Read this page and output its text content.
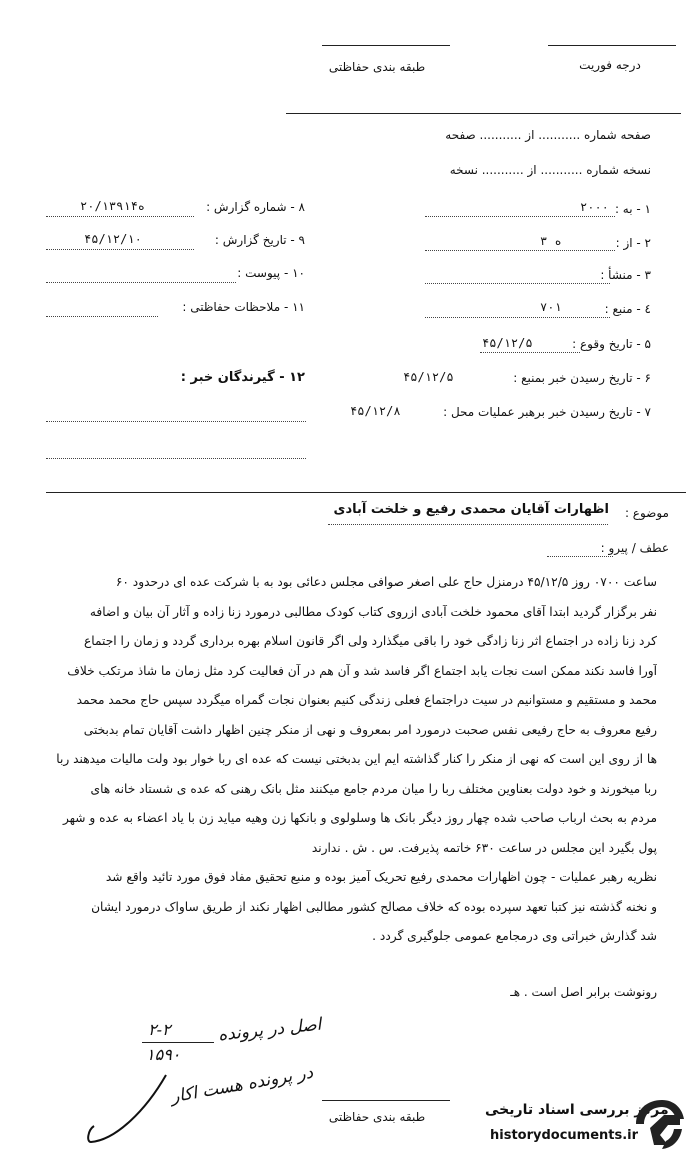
طبقه بندی حفاظتی	درجه فوریت
صفحه شماره ........... از ........... صفحه
نسخه شماره ........... از ........... نسخه
۱ - به :
۲۰۰۰
۲ - از :
۳ ه
۳ - منشأ :
٤ - منبع :
۷۰۱
۵ - تاریخ وقوع :
۴۵/۱۲/۵
۶ - تاریخ رسیدن خبر بمنبع :
۴۵/۱۲/۵
۷ - تاریخ رسیدن خبر برهبر عملیات محل :
۴۵/۱۲/۸
۸ - شماره گزارش :
۲۰/۱۳۹۱۴ه
۹ - تاریخ گزارش :
۴۵/۱۲/۱۰
۱۰ - پیوست :
۱۱ - ملاحظات حفاظتی :
۱۲ - گیرندگان خبر :
موضوع :
اظهارات آقایان محمدی رفیع و خلخت آبادی
عطف / پیرو :
ساعت ۰۷۰۰ روز ۴۵/۱۲/۵ درمنزل حاج علی اصغر صوافی مجلس دعائی بود به با شرکت عده ای درحدود ۶۰
نفر برگزار گردید ابتدا آقای محمود خلخت آبادی ازروی کتاب کودک مطالبی درمورد زنا زاده و آثار آن بیان و اضافه
کرد زنا زاده در اجتماع اثر زنا زادگی خود را باقی میگذارد ولی اگر قانون اسلام بهره برداری گردد و زمان را اجتماع
آورا فاسد نکند ممکن است نجات یابد اجتماع اگر فاسد شد و آن هم در آن فعالیت کرد مثل زمان ما شاذ مرتکب خلاف
محمد و مستقیم و مستوانیم در سیت دراجتماع فعلی زندگی کنیم بعنوان نجات گمراه میگردد سپس حاج محمد محمد
رفیع معروف به حاج رفیعی نفس صحبت درمورد امر بمعروف و نهی از منکر چنین اظهار داشت آقایان تمام بدبختی
ها از روی این است که نهی از منکر را کنار گذاشته ایم این بدبختی نیست که عده ای ربا خوار بود ولت مالیات میدهند ربا
ربا میخورند و خود دولت بعناوین مختلف ربا را میان مردم جامع میکنند مثل بانک رهنی که عده ی شستاد خانه های
مردم به بحث ارباب صاحب شده چهار روز دیگر بانک ها وسلولوی و بانکها زن وهیه میاید زن با یاد اعضاء به عده و شهر
پول بگیرد این مجلس در ساعت ۶۳۰ خاتمه پذیرفت. س . ش . ندارند
نظریه رهبر عملیات - چون اظهارات محمدی رفیع تحریک آمیز بوده و منبع تحقیق مفاد فوق مورد تائید واقع شد
و نخنه گذشته نیز کتبا تعهد سپرده بوده که خلاف مصالح کشور مطالبی اظهار نکند از طریق ساواک درمورد ایشان
شد گذارش خبراتی وی درمجامع عمومی جلوگیری گردد .
رونوشت برابر اصل است . هـ
۲-۲
۱۵۹۰
اصل در پرونده
در پرونده هست اکار
طبقه بندی حفاظتی	مرکز بررسی اسناد تاریخی
historydocuments.ir
